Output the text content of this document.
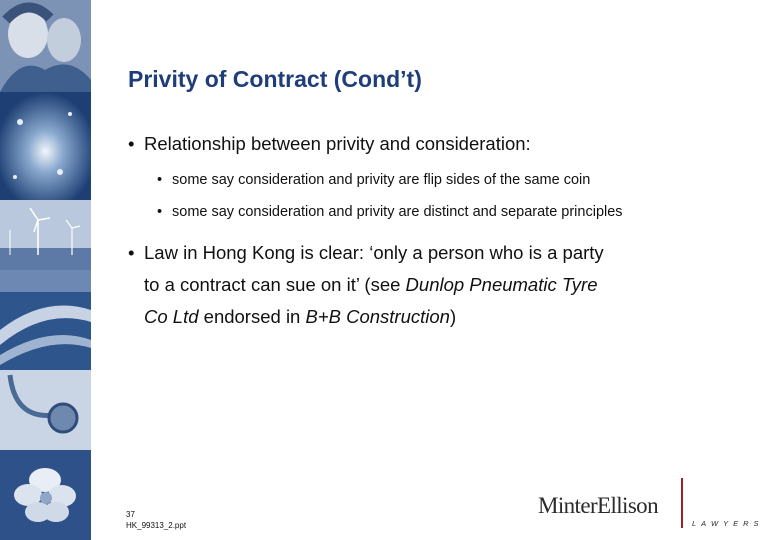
Privity of Contract (Cond’t)
• Relationship between privity and consideration:
• some say consideration and privity are flip sides of the same coin
• some say consideration and privity are distinct and separate principles
• Law in Hong Kong is clear: ‘only a person who is a party
to a contract can sue on it’ (see Dunlop Pneumatic Tyre
Co Ltd endorsed in B+B Construction)
37
HK_99313_2.ppt
MinterEllison
LAWYERS
